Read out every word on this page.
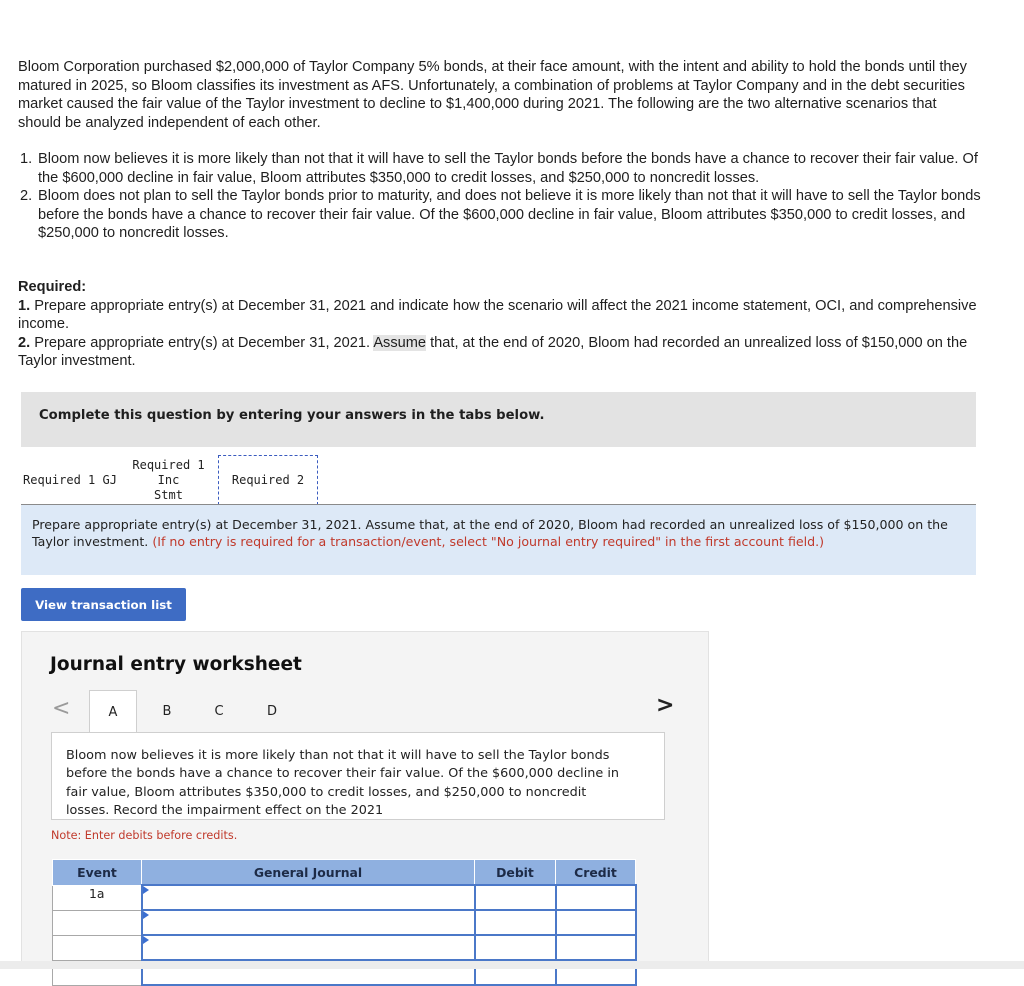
Bloom Corporation purchased $2,000,000 of Taylor Company 5% bonds, at their face amount, with the intent and ability to hold the bonds until they matured in 2025, so Bloom classifies its investment as AFS. Unfortunately, a combination of problems at Taylor Company and in the debt securities market caused the fair value of the Taylor investment to decline to $1,400,000 during 2021. The following are the two alternative scenarios that should be analyzed independent of each other.

1. Bloom now believes it is more likely than not that it will have to sell the Taylor bonds before the bonds have a chance to recover their fair value. Of the $600,000 decline in fair value, Bloom attributes $350,000 to credit losses, and $250,000 to noncredit losses.
2. Bloom does not plan to sell the Taylor bonds prior to maturity, and does not believe it is more likely than not that it will have to sell the Taylor bonds before the bonds have a chance to recover their fair value. Of the $600,000 decline in fair value, Bloom attributes $350,000 to credit losses, and $250,000 to noncredit losses.
Required:
1. Prepare appropriate entry(s) at December 31, 2021 and indicate how the scenario will affect the 2021 income statement, OCI, and comprehensive income.
2. Prepare appropriate entry(s) at December 31, 2021. Assume that, at the end of 2020, Bloom had recorded an unrealized loss of $150,000 on the Taylor investment.
Complete this question by entering your answers in the tabs below.
Required 1 GJ
Required 1 Inc
Stmt
Required 2
Prepare appropriate entry(s) at December 31, 2021. Assume that, at the end of 2020, Bloom had recorded an unrealized loss of $150,000 on the Taylor investment. (If no entry is required for a transaction/event, select "No journal entry required" in the first account field.)
View transaction list
Journal entry worksheet
<	A	B	C	D
Bloom now believes it is more likely than not that it will have to sell the Taylor bonds before the bonds have a chance to recover their fair value. Of the $600,000 decline in fair value, Bloom attributes $350,000 to credit losses, and $250,000 to noncredit losses. Record the impairment effect on the 2021
Note: Enter debits before credits.
Event	General Journal	Debit	Credit
1a	

>
